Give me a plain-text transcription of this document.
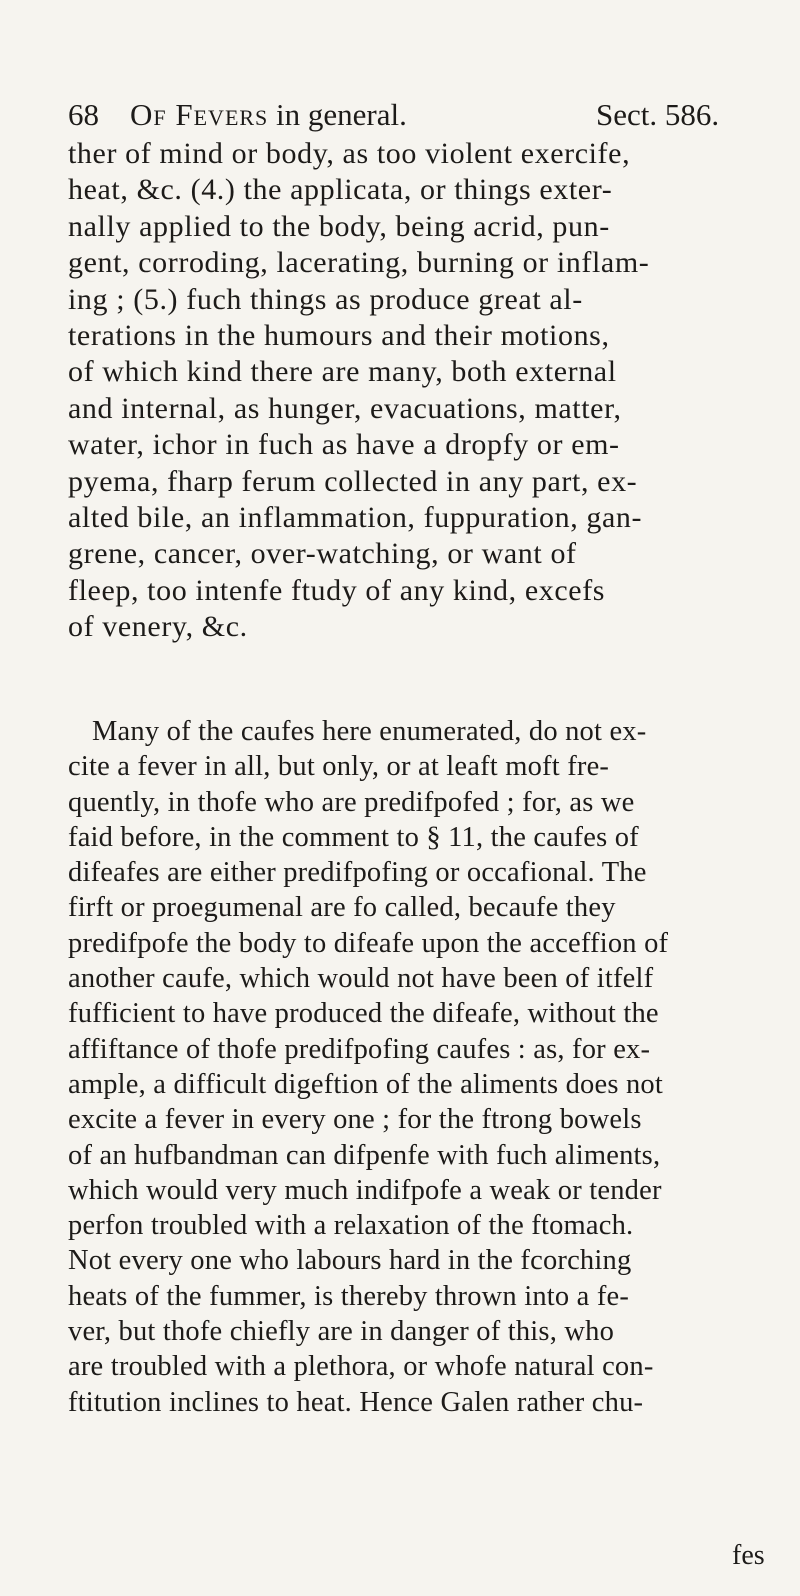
68 Of Fevers in general.	Sect. 586.
ther of mind or body, as too violent exercife,
heat, &c. (4.) the applicata, or things exter-
nally applied to the body, being acrid, pun-
gent, corroding, lacerating, burning or inflam-
ing ; (5.) fuch things as produce great al-
terations in the humours and their motions,
of which kind there are many, both external
and internal, as hunger, evacuations, matter,
water, ichor in fuch as have a dropfy or em-
pyema, fharp ferum collected in any part, ex-
alted bile, an inflammation, fuppuration, gan-
grene, cancer, over-watching, or want of
fleep, too intenfe ftudy of any kind, excefs
of venery, &c.
Many of the caufes here enumerated, do not ex-
cite a fever in all, but only, or at leaft moft fre-
quently, in thofe who are predifpofed ; for, as we
faid before, in the comment to § 11, the caufes of
difeafes are either predifpofing or occafional. The
firft or proegumenal are fo called, becaufe they
predifpofe the body to difeafe upon the acceffion of
another caufe, which would not have been of itfelf
fufficient to have produced the difeafe, without the
affiftance of thofe predifpofing caufes : as, for ex-
ample, a difficult digeftion of the aliments does not
excite a fever in every one ; for the ftrong bowels
of an hufbandman can difpenfe with fuch aliments,
which would very much indifpofe a weak or tender
perfon troubled with a relaxation of the ftomach.
Not every one who labours hard in the fcorching
heats of the fummer, is thereby thrown into a fe-
ver, but thofe chiefly are in danger of this, who
are troubled with a plethora, or whofe natural con-
ftitution inclines to heat. Hence Galen rather chu-
fes
